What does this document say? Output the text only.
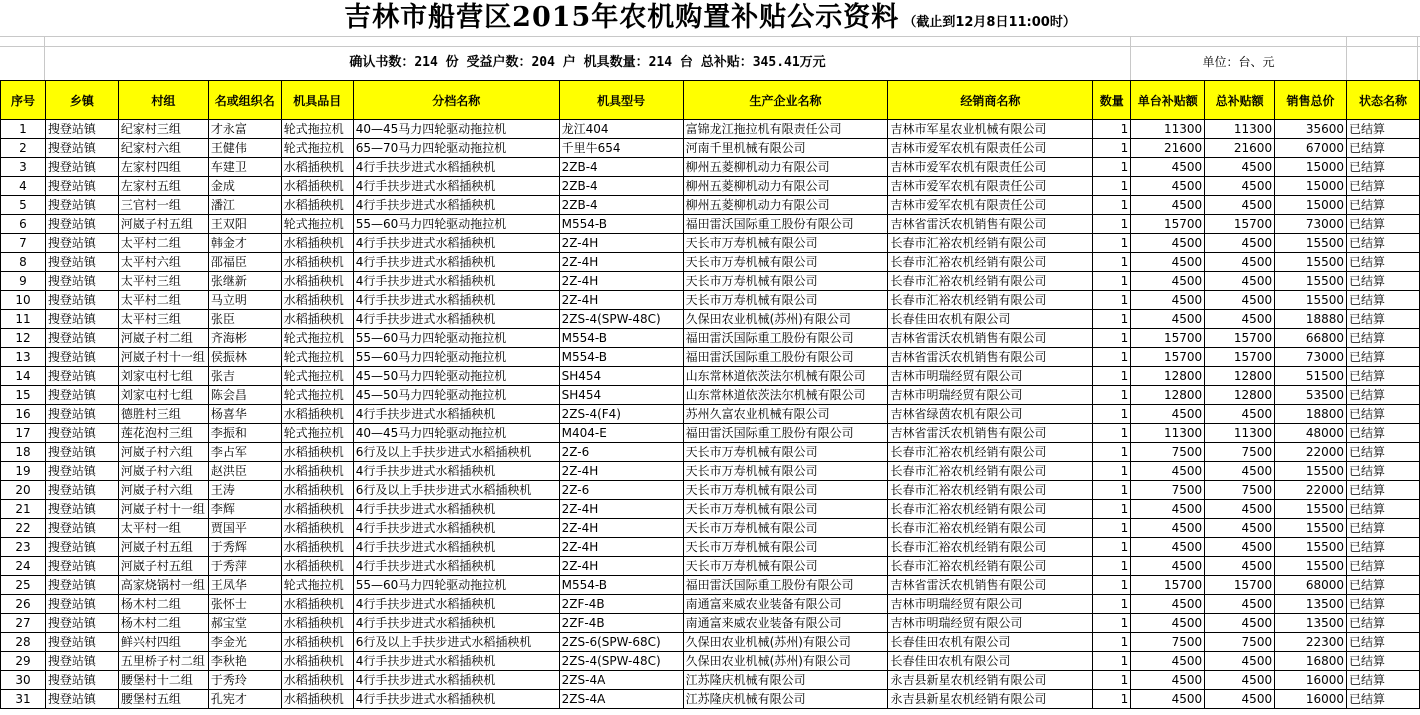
吉林市船营区2015年农机购置补贴公示资料 （截止到12月8日11:00时）
确认书数：214 份 受益户数：204 户 机具数量：214 台 总补贴：345.41万元	单位：台、元
序号	乡镇	村组	名或组织名	机具品目	分档名称	机具型号	生产企业名称	经销商名称	数量	单台补贴额	总补贴额	销售总价	状态名称
1	搜登站镇	纪家村三组	才永富	轮式拖拉机	40—45马力四轮驱动拖拉机	龙江404	富锦龙江拖拉机有限责任公司	吉林市军星农业机械有限公司	1	11300	11300	35600	已结算
2	搜登站镇	纪家村六组	王健伟	轮式拖拉机	65—70马力四轮驱动拖拉机	千里牛654	河南千里机械有限公司	吉林市爱军农机有限责任公司	1	21600	21600	67000	已结算
3	搜登站镇	左家村四组	车建卫	水稻插秧机	4行手扶步进式水稻插秧机	2ZB-4	柳州五菱柳机动力有限公司	吉林市爱军农机有限责任公司	1	4500	4500	15000	已结算
4	搜登站镇	左家村五组	金成	水稻插秧机	4行手扶步进式水稻插秧机	2ZB-4	柳州五菱柳机动力有限公司	吉林市爱军农机有限责任公司	1	4500	4500	15000	已结算
5	搜登站镇	三官村一组	潘江	水稻插秧机	4行手扶步进式水稻插秧机	2ZB-4	柳州五菱柳机动力有限公司	吉林市爱军农机有限责任公司	1	4500	4500	15000	已结算
6	搜登站镇	河崴子村五组	王双阳	轮式拖拉机	55—60马力四轮驱动拖拉机	M554-B	福田雷沃国际重工股份有限公司	吉林省雷沃农机销售有限公司	1	15700	15700	73000	已结算
7	搜登站镇	太平村二组	韩金才	水稻插秧机	4行手扶步进式水稻插秧机	2Z-4H	天长市万寿机械有限公司	长春市汇裕农机经销有限公司	1	4500	4500	15500	已结算
8	搜登站镇	太平村六组	邵福臣	水稻插秧机	4行手扶步进式水稻插秧机	2Z-4H	天长市万寿机械有限公司	长春市汇裕农机经销有限公司	1	4500	4500	15500	已结算
9	搜登站镇	太平村三组	张继新	水稻插秧机	4行手扶步进式水稻插秧机	2Z-4H	天长市万寿机械有限公司	长春市汇裕农机经销有限公司	1	4500	4500	15500	已结算
10	搜登站镇	太平村二组	马立明	水稻插秧机	4行手扶步进式水稻插秧机	2Z-4H	天长市万寿机械有限公司	长春市汇裕农机经销有限公司	1	4500	4500	15500	已结算
11	搜登站镇	太平村三组	张臣	水稻插秧机	4行手扶步进式水稻插秧机	2ZS-4(SPW-48C)	久保田农业机械(苏州)有限公司	长春佳田农机有限公司	1	4500	4500	18880	已结算
12	搜登站镇	河崴子村二组	齐海彬	轮式拖拉机	55—60马力四轮驱动拖拉机	M554-B	福田雷沃国际重工股份有限公司	吉林省雷沃农机销售有限公司	1	15700	15700	66800	已结算
13	搜登站镇	河崴子村十一组	侯振林	轮式拖拉机	55—60马力四轮驱动拖拉机	M554-B	福田雷沃国际重工股份有限公司	吉林省雷沃农机销售有限公司	1	15700	15700	73000	已结算
14	搜登站镇	刘家屯村七组	张吉	轮式拖拉机	45—50马力四轮驱动拖拉机	SH454	山东常林道依茨法尔机械有限公司	吉林市明瑞经贸有限公司	1	12800	12800	51500	已结算
15	搜登站镇	刘家屯村七组	陈会昌	轮式拖拉机	45—50马力四轮驱动拖拉机	SH454	山东常林道依茨法尔机械有限公司	吉林市明瑞经贸有限公司	1	12800	12800	53500	已结算
16	搜登站镇	德胜村三组	杨喜华	水稻插秧机	4行手扶步进式水稻插秧机	2ZS-4(F4)	苏州久富农业机械有限公司	吉林省绿茵农机有限公司	1	4500	4500	18800	已结算
17	搜登站镇	莲花泡村三组	李振和	轮式拖拉机	40—45马力四轮驱动拖拉机	M404-E	福田雷沃国际重工股份有限公司	吉林省雷沃农机销售有限公司	1	11300	11300	48000	已结算
18	搜登站镇	河崴子村六组	李占军	水稻插秧机	6行及以上手扶步进式水稻插秧机	2Z-6	天长市万寿机械有限公司	长春市汇裕农机经销有限公司	1	7500	7500	22000	已结算
19	搜登站镇	河崴子村六组	赵洪臣	水稻插秧机	4行手扶步进式水稻插秧机	2Z-4H	天长市万寿机械有限公司	长春市汇裕农机经销有限公司	1	4500	4500	15500	已结算
20	搜登站镇	河崴子村六组	王涛	水稻插秧机	6行及以上手扶步进式水稻插秧机	2Z-6	天长市万寿机械有限公司	长春市汇裕农机经销有限公司	1	7500	7500	22000	已结算
21	搜登站镇	河崴子村十一组	李辉	水稻插秧机	4行手扶步进式水稻插秧机	2Z-4H	天长市万寿机械有限公司	长春市汇裕农机经销有限公司	1	4500	4500	15500	已结算
22	搜登站镇	太平村一组	贾国平	水稻插秧机	4行手扶步进式水稻插秧机	2Z-4H	天长市万寿机械有限公司	长春市汇裕农机经销有限公司	1	4500	4500	15500	已结算
23	搜登站镇	河崴子村五组	于秀辉	水稻插秧机	4行手扶步进式水稻插秧机	2Z-4H	天长市万寿机械有限公司	长春市汇裕农机经销有限公司	1	4500	4500	15500	已结算
24	搜登站镇	河崴子村五组	于秀萍	水稻插秧机	4行手扶步进式水稻插秧机	2Z-4H	天长市万寿机械有限公司	长春市汇裕农机经销有限公司	1	4500	4500	15500	已结算
25	搜登站镇	高家烧锅村一组	王凤华	轮式拖拉机	55—60马力四轮驱动拖拉机	M554-B	福田雷沃国际重工股份有限公司	吉林省雷沃农机销售有限公司	1	15700	15700	68000	已结算
26	搜登站镇	杨木村二组	张怀士	水稻插秧机	4行手扶步进式水稻插秧机	2ZF-4B	南通富来威农业装备有限公司	吉林市明瑞经贸有限公司	1	4500	4500	13500	已结算
27	搜登站镇	杨木村二组	郝宝堂	水稻插秧机	4行手扶步进式水稻插秧机	2ZF-4B	南通富来威农业装备有限公司	吉林市明瑞经贸有限公司	1	4500	4500	13500	已结算
28	搜登站镇	鲜兴村四组	李金光	水稻插秧机	6行及以上手扶步进式水稻插秧机	2ZS-6(SPW-68C)	久保田农业机械(苏州)有限公司	长春佳田农机有限公司	1	7500	7500	22300	已结算
29	搜登站镇	五里桥子村二组	李秋艳	水稻插秧机	4行手扶步进式水稻插秧机	2ZS-4(SPW-48C)	久保田农业机械(苏州)有限公司	长春佳田农机有限公司	1	4500	4500	16800	已结算
30	搜登站镇	腰堡村十二组	于秀玲	水稻插秧机	4行手扶步进式水稻插秧机	2ZS-4A	江苏隆庆机械有限公司	永吉县新星农机经销有限公司	1	4500	4500	16000	已结算
31	搜登站镇	腰堡村五组	孔宪才	水稻插秧机	4行手扶步进式水稻插秧机	2ZS-4A	江苏隆庆机械有限公司	永吉县新星农机经销有限公司	1	4500	4500	16000	已结算
